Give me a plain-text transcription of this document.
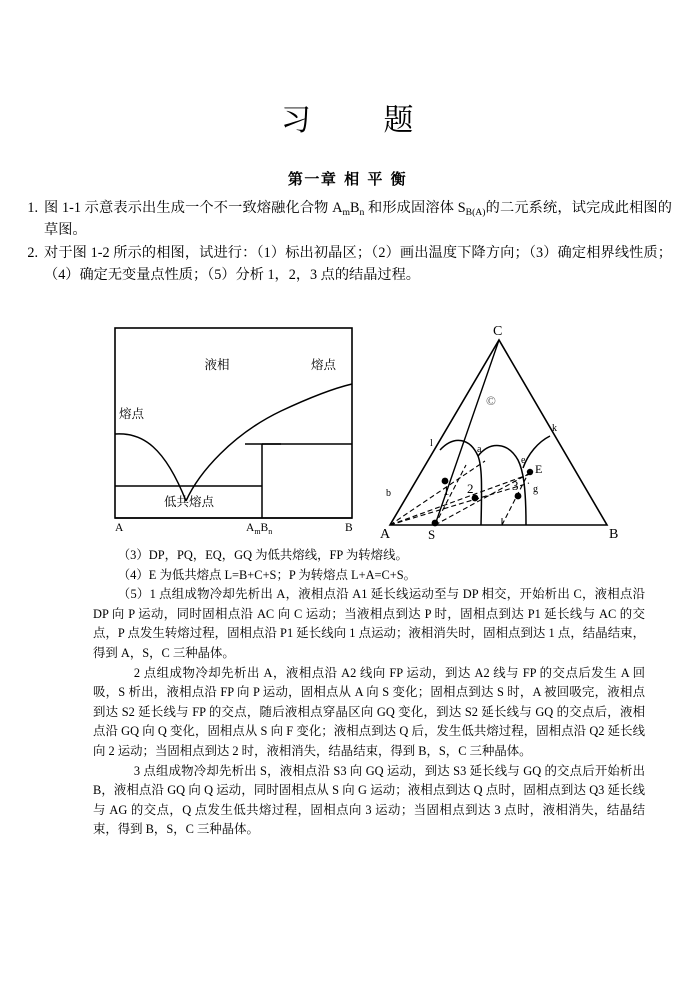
习 题
第一章 相 平 衡
1. 图 1-1 示意表示出生成一个不一致熔融化合物 $A_mB_n$ 和形成固溶体 $S_{B(A)}$的二元系统，试完成此相图的草图。
2. 对于图 1-2 所示的相图，试进行：（1）标出初晶区；（2）画出温度下降方向；（3）确定相界线性质；（4）确定无变量点性质；（5）分析 1，2，3 点的结晶过程。
液相
熔点
熔点
低共熔点
A	B
$A_mB_n$
C
A	B
l
a
b
e
E
g
k
S
©
1 2	3

（3）DP，PQ，EQ，GQ 为低共熔线，FP 为转熔线。

（4）E 为低共熔点 L=B+C+S；P 为转熔点 L+A=C+S。

（5）1 点组成物冷却先析出 A，液相点沿 A1 延长线运动至与 DP 相交，开始析出 C，液相点沿 DP 向 P 运动，同时固相点沿 AC 向 C 运动；当液相点到达 P 时，固相点到达 P1 延长线与 AC 的交点，P 点发生转熔过程，固相点沿 P1 延长线向 1 点运动；液相消失时，固相点到达 1 点，结晶结束，得到 A，S，C 三种晶体。

2 点组成物冷却先析出 A，液相点沿 A2 线向 FP 运动，到达 A2 线与 FP 的交点后发生 A 回吸，S 析出，液相点沿 FP 向 P 运动，固相点从 A 向 S 变化；固相点到达 S 时，A 被回吸完，液相点到达 S2 延长线与 FP 的交点，随后液相点穿晶区向 GQ 变化，到达 S2 延长线与 GQ 的交点后，液相点沿 GQ 向 Q 变化，固相点从 S 向 F 变化；液相点到达 Q 后，发生低共熔过程，固相点沿 Q2 延长线向 2 运动；当固相点到达 2 时，液相消失，结晶结束，得到 B，S，C 三种晶体。

3 点组成物冷却先析出 S，液相点沿 S3 向 GQ 运动，到达 S3 延长线与 GQ 的交点后开始析出 B，液相点沿 GQ 向 Q 运动，同时固相点从 S 向 G 运动；液相点到达 Q 点时，固相点到达 Q3 延长线与 AG 的交点，Q 点发生低共熔过程，固相点向 3 运动；当固相点到达 3 点时，液相消失，结晶结束，得到 B，S，C 三种晶体。
